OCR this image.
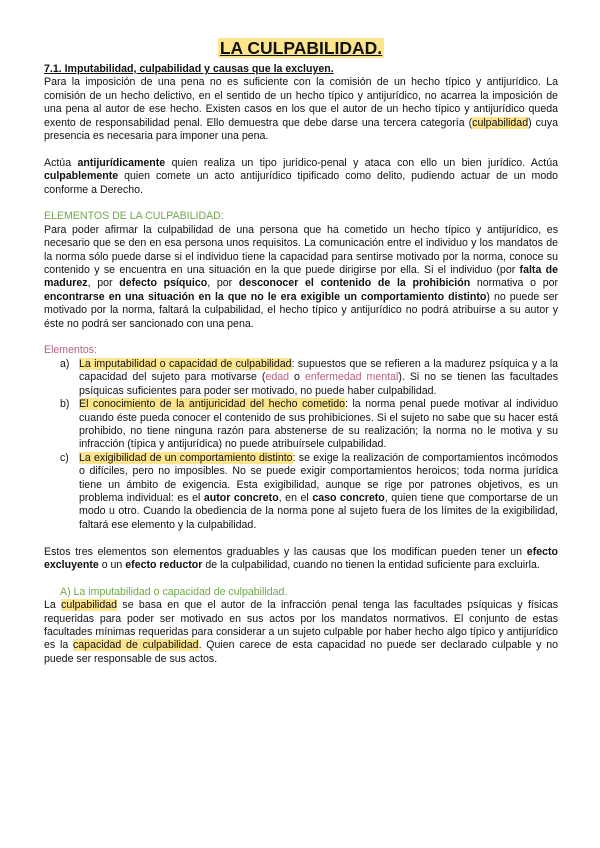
LA CULPABILIDAD.

7.1. Imputabilidad, culpabilidad y causas que la excluyen.

Para la imposición de una pena no es suficiente con la comisión de un hecho típico y antijurídico. La comisión de un hecho delictivo, en el sentido de un hecho típico y antijurídico, no acarrea la imposición de una pena al autor de ese hecho. Existen casos en los que el autor de un hecho típico y antijurídico queda exento de responsabilidad penal. Ello demuestra que debe darse una tercera categoría (culpabilidad) cuya presencia es necesaria para imponer una pena.

Actúa antijurídicamente quien realiza un tipo jurídico-penal y ataca con ello un bien jurídico. Actúa culpablemente quien comete un acto antijurídico tipificado como delito, pudiendo actuar de un modo conforme a Derecho.

ELEMENTOS DE LA CULPABILIDAD:

Para poder afirmar la culpabilidad de una persona que ha cometido un hecho típico y antijurídico, es necesario que se den en esa persona unos requisitos. La comunicación entre el individuo y los mandatos de la norma sólo puede darse si el individuo tiene la capacidad para sentirse motivado por la norma, conoce su contenido y se encuentra en una situación en la que puede dirigirse por ella. Si el individuo (por falta de madurez, por defecto psíquico, por desconocer el contenido de la prohibición normativa o por encontrarse en una situación en la que no le era exigible un comportamiento distinto) no puede ser motivado por la norma, faltará la culpabilidad, el hecho típico y antijurídico no podrá atribuirse a su autor y éste no podrá ser sancionado con una pena.

Elementos:

a) La imputabilidad o capacidad de culpabilidad: supuestos que se refieren a la madurez psíquica y a la capacidad del sujeto para motivarse (edad o enfermedad mental). Si no se tienen las facultades psíquicas suficientes para poder ser motivado, no puede haber culpabilidad.
b) El conocimiento de la antijuricidad del hecho cometido: la norma penal puede motivar al individuo cuando éste pueda conocer el contenido de sus prohibiciones. Si el sujeto no sabe que su hacer está prohibido, no tiene ninguna razón para abstenerse de su realización; la norma no le motiva y su infracción (típica y antijurídica) no puede atribuírsele culpabilidad.
c) La exigibilidad de un comportamiento distinto: se exige la realización de comportamientos incómodos o difíciles, pero no imposibles. No se puede exigir comportamientos heroicos; toda norma jurídica tiene un ámbito de exigencia. Esta exigibilidad, aunque se rige por patrones objetivos, es un problema individual: es el autor concreto, en el caso concreto, quien tiene que comportarse de un modo u otro. Cuando la obediencia de la norma pone al sujeto fuera de los límites de la exigibilidad, faltará ese elemento y la culpabilidad.

Estos tres elementos son elementos graduables y las causas que los modifican pueden tener un efecto excluyente o un efecto reductor de la culpabilidad, cuando no tienen la entidad suficiente para excluirla.

A) La imputabilidad o capacidad de culpabilidad.

La culpabilidad se basa en que el autor de la infracción penal tenga las facultades psíquicas y físicas requeridas para poder ser motivado en sus actos por los mandatos normativos. El conjunto de estas facultades mínimas requeridas para considerar a un sujeto culpable por haber hecho algo típico y antijurídico es la capacidad de culpabilidad. Quien carece de esta capacidad no puede ser declarado culpable y no puede ser responsable de sus actos.
